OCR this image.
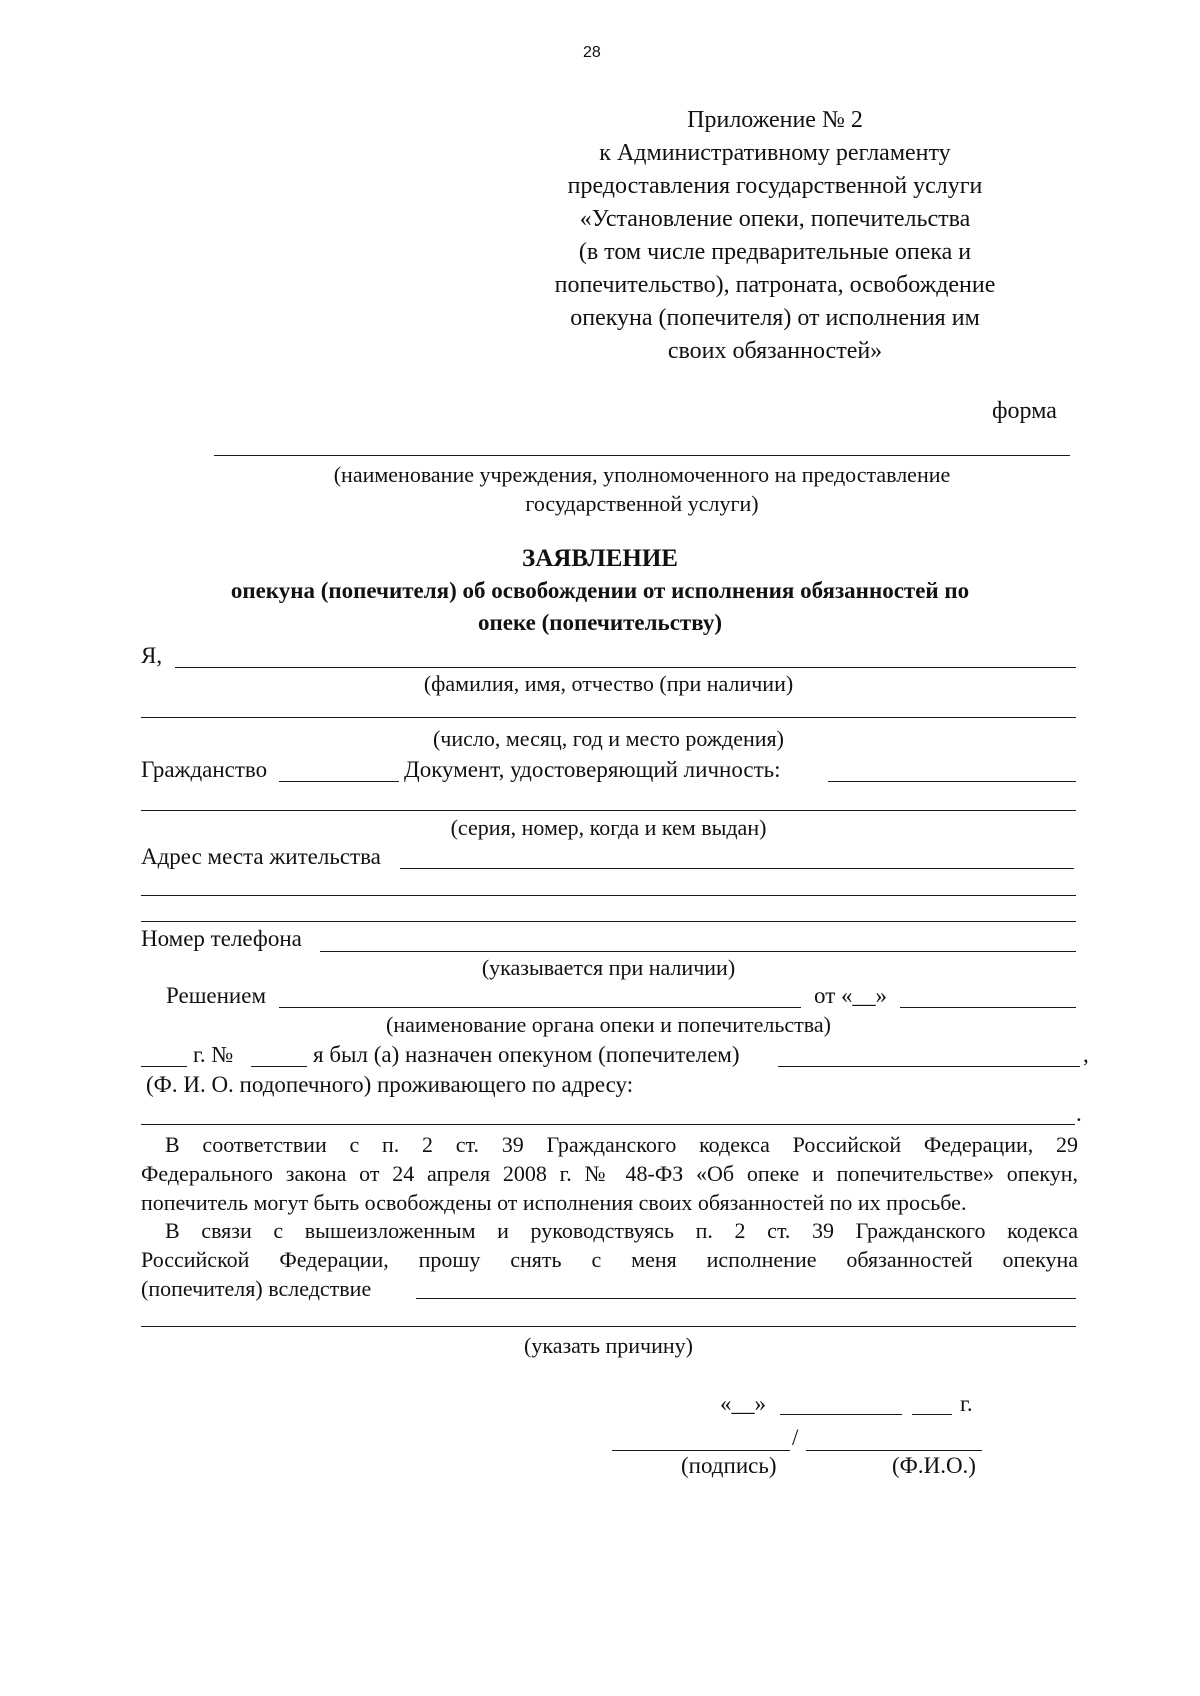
28
Приложение № 2
к Административному регламенту
предоставления государственной услуги
«Установление опеки, попечительства
(в том числе предварительные опека и
попечительство), патроната, освобождение
опекуна (попечителя) от исполнения им
своих обязанностей»
форма
(наименование учреждения, уполномоченного на предоставление
государственной услуги)
ЗАЯВЛЕНИЕ
опекуна (попечителя) об освобождении от исполнения обязанностей по
опеке (попечительству)
Я,
(фамилия, имя, отчество (при наличии)
(число, месяц, год и место рождения)
Гражданство	Документ, удостоверяющий личность:
(серия, номер, когда и кем выдан)
Адрес места жительства
Номер телефона
(указывается при наличии)
Решением	от «__»
(наименование органа опеки и попечительства)
г. №	я был (а) назначен опекуном (попечителем)	,
(Ф. И. О. подопечного) проживающего по адресу:
.
В соответствии с п. 2 ст. 39 Гражданского кодекса Российской Федерации, 29
Федерального закона от 24 апреля 2008 г. № 48-ФЗ «Об опеке и попечительстве» опекун,
попечитель могут быть освобождены от исполнения своих обязанностей по их просьбе.
В связи с вышеизложенным и руководствуясь п. 2 ст. 39 Гражданского кодекса
Российской Федерации, прошу снять с меня исполнение обязанностей опекуна
(попечителя) вследствие
(указать причину)
«__»	г.
/
(подпись)	(Ф.И.О.)
